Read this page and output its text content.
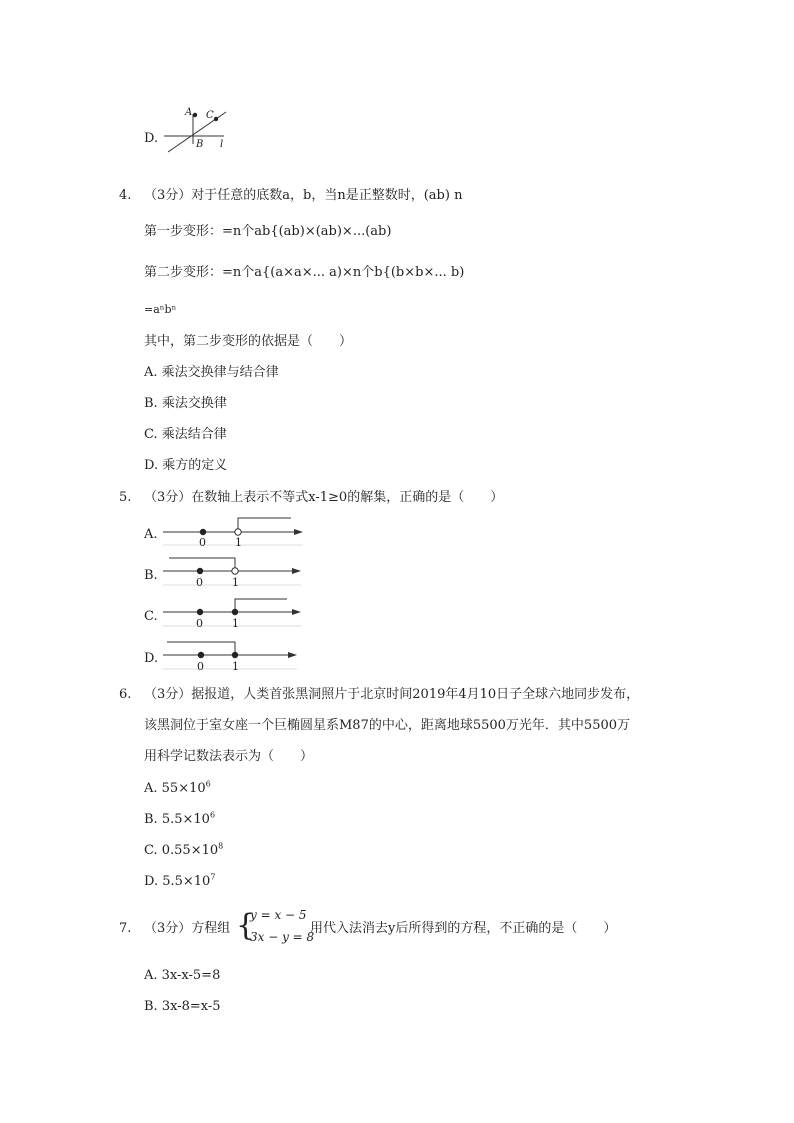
D.
A C
B l
4. （3分）对于任意的底数a，b，当n是正整数时，(ab) n
第一步变形：=n个ab{(ab)×(ab)×...(ab)
第二步变形：=n个a{(a×a×... a)×n个b{(b×b×... b)
=aⁿbⁿ
其中，第二步变形的依据是（　　）
A. 乘法交换律与结合律
B. 乘法交换律
C. 乘法结合律
D. 乘方的定义
5. （3分）在数轴上表示不等式x-1≥0的解集，正确的是（　　）
A.
0	1
B.	0	1
C.	0	1
D.
0	1
6. （3分）据报道，人类首张黑洞照片于北京时间2019年4月10日子全球六地同步发布，
该黑洞位于室女座一个巨椭圆星系M87的中心，距离地球5500万光年．其中5500万
用科学记数法表示为（　　）
A. $55\times 10^6$
B. $5.5\times 10^6$
C. $0.55\times 10^8$
D. $5.5\times 10^7$
7. （3分）方程组 {
y = x − 5
3x − y = 8
用代入法消去y后所得到的方程，不正确的是（　　）
A. 3x-x-5=8
B. 3x-8=x-5
